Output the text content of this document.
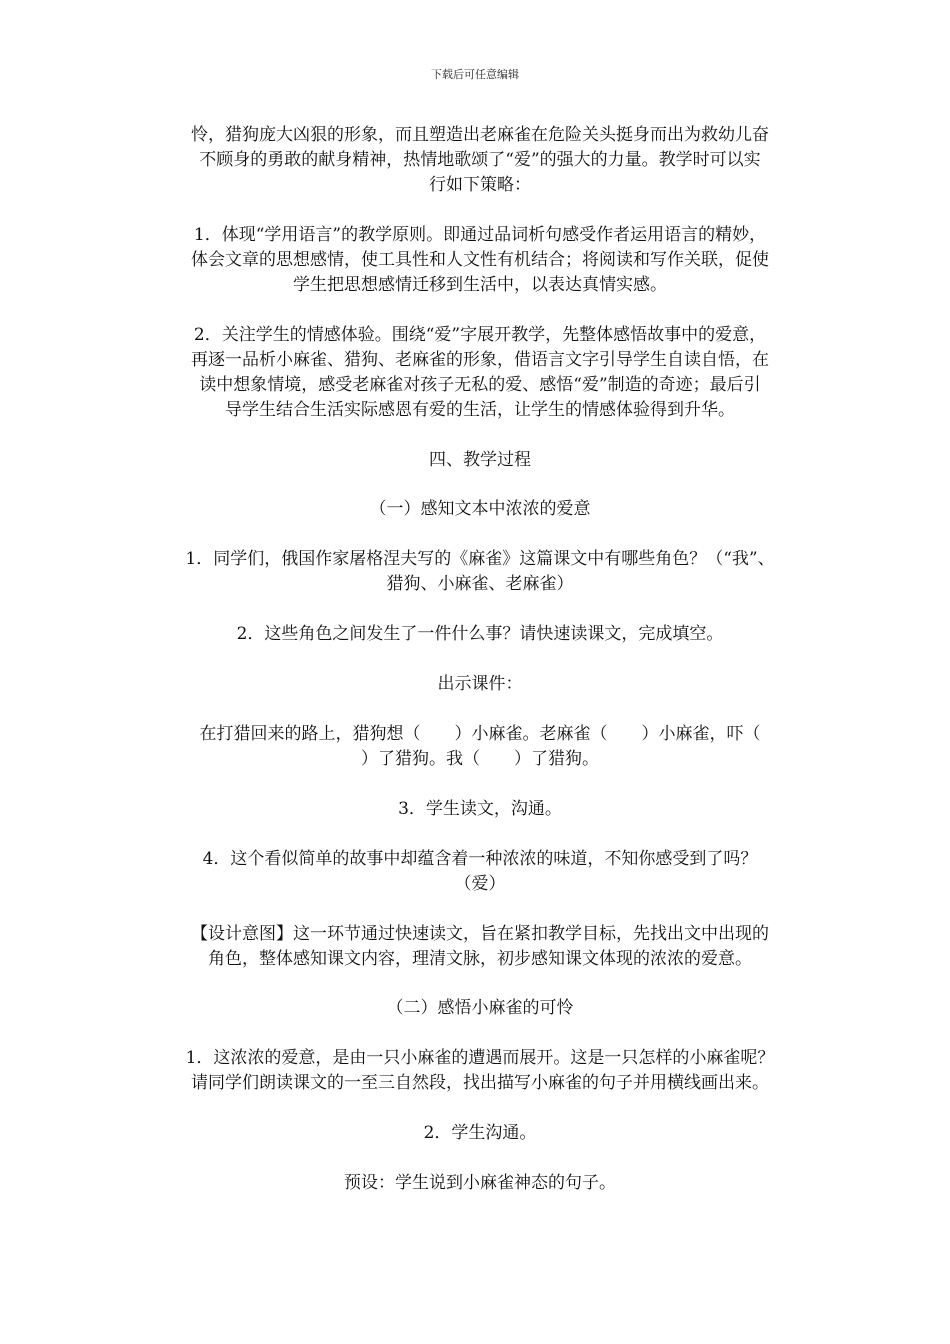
下载后可任意编辑

怜，猎狗庞大凶狠的形象，而且塑造出老麻雀在危险关头挺身而出为救幼儿奋

不顾身的勇敢的献身精神，热情地歌颂了“爱”的强大的力量。教学时可以实

行如下策略：

1．体现“学用语言”的教学原则。即通过品词析句感受作者运用语言的精妙，

体会文章的思想感情，使工具性和人文性有机结合；将阅读和写作关联，促使

学生把思想感情迁移到生活中，以表达真情实感。

2．关注学生的情感体验。围绕“爱”字展开教学，先整体感悟故事中的爱意，

再逐一品析小麻雀、猎狗、老麻雀的形象，借语言文字引导学生自读自悟，在

读中想象情境，感受老麻雀对孩子无私的爱、感悟“爱”制造的奇迹；最后引

导学生结合生活实际感恩有爱的生活，让学生的情感体验得到升华。

四、教学过程

（一）感知文本中浓浓的爱意

1．同学们，俄国作家屠格涅夫写的《麻雀》这篇课文中有哪些角色？（“我”、

猎狗、小麻雀、老麻雀）

2．这些角色之间发生了一件什么事？请快速读课文，完成填空。

出示课件：

在打猎回来的路上，猎狗想（　　）小麻雀。老麻雀（　　）小麻雀，吓（

）了猎狗。我（　　）了猎狗。

3．学生读文，沟通。

4．这个看似简单的故事中却蕴含着一种浓浓的味道，不知你感受到了吗？

（爱）

【设计意图】这一环节通过快速读文，旨在紧扣教学目标，先找出文中出现的

角色，整体感知课文内容，理清文脉，初步感知课文体现的浓浓的爱意。

（二）感悟小麻雀的可怜

1．这浓浓的爱意，是由一只小麻雀的遭遇而展开。这是一只怎样的小麻雀呢？

请同学们朗读课文的一至三自然段，找出描写小麻雀的句子并用横线画出来。

2．学生沟通。

预设：学生说到小麻雀神态的句子。
